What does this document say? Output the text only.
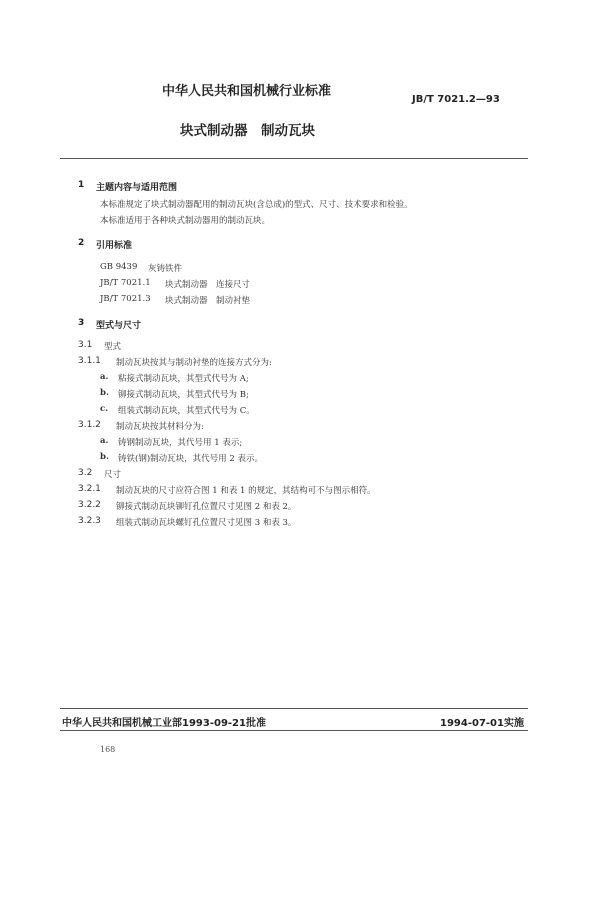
中华人民共和国机械行业标准
JB/T 7021.2—93
块式制动器　制动瓦块
1 主题内容与适用范围
本标准规定了块式制动器配用的制动瓦块(含总成)的型式、尺寸、技术要求和检验。
本标准适用于各种块式制动器用的制动瓦块。
2 引用标准
GB 9439 灰铸铁件
JB/T 7021.1 块式制动器　连接尺寸
JB/T 7021.3 块式制动器　制动衬垫
3 型式与尺寸
3.1 型式
3.1.1 制动瓦块按其与制动衬垫的连接方式分为:
a. 粘接式制动瓦块，其型式代号为 A;
b. 铆接式制动瓦块，其型式代号为 B;
c. 组装式制动瓦块，其型式代号为 C。
3.1.2 制动瓦块按其材料分为:
a. 铸钢制动瓦块，其代号用 1 表示;
b. 铸铁(钢)制动瓦块，其代号用 2 表示。
3.2 尺寸
3.2.1 制动瓦块的尺寸应符合图 1 和表 1 的规定，其结构可不与图示相符。
3.2.2 铆接式制动瓦块铆钉孔位置尺寸见图 2 和表 2。
3.2.3 组装式制动瓦块螺钉孔位置尺寸见图 3 和表 3。
中华人民共和国机械工业部1993-09-21批准	1994-07-01实施
168
